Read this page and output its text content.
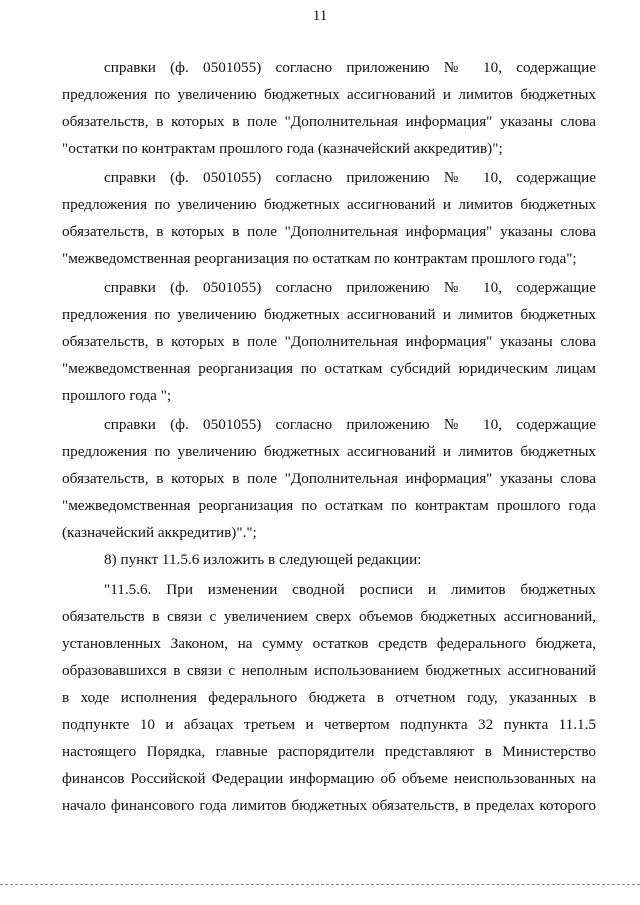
11
справки (ф. 0501055) согласно приложению № 10, содержащие
предложения по увеличению бюджетных ассигнований и лимитов бюджетных
обязательств, в которых в поле "Дополнительная информация" указаны слова
"остатки по контрактам прошлого года (казначейский аккредитив)";
справки (ф. 0501055) согласно приложению № 10, содержащие
предложения по увеличению бюджетных ассигнований и лимитов бюджетных
обязательств, в которых в поле "Дополнительная информация" указаны слова
"межведомственная реорганизация по остаткам по контрактам прошлого года";
справки (ф. 0501055) согласно приложению № 10, содержащие
предложения по увеличению бюджетных ассигнований и лимитов бюджетных
обязательств, в которых в поле "Дополнительная информация" указаны слова
"межведомственная реорганизация по остаткам субсидий юридическим лицам
прошлого года ";
справки (ф. 0501055) согласно приложению № 10, содержащие
предложения по увеличению бюджетных ассигнований и лимитов бюджетных
обязательств, в которых в поле "Дополнительная информация" указаны слова
"межведомственная реорганизация по остаткам по контрактам прошлого года
(казначейский аккредитив)".";
8) пункт 11.5.6 изложить в следующей редакции:
"11.5.6. При изменении сводной росписи и лимитов бюджетных
обязательств в связи с увеличением сверх объемов бюджетных ассигнований,
установленных Законом, на сумму остатков средств федерального бюджета,
образовавшихся в связи с неполным использованием бюджетных ассигнований
в ходе исполнения федерального бюджета в отчетном году, указанных в
подпункте 10 и абзацах третьем и четвертом подпункта 32 пункта 11.1.5
настоящего Порядка, главные распорядители представляют в Министерство
финансов Российской Федерации информацию об объеме неиспользованных на
начало финансового года лимитов бюджетных обязательств, в пределах которого
